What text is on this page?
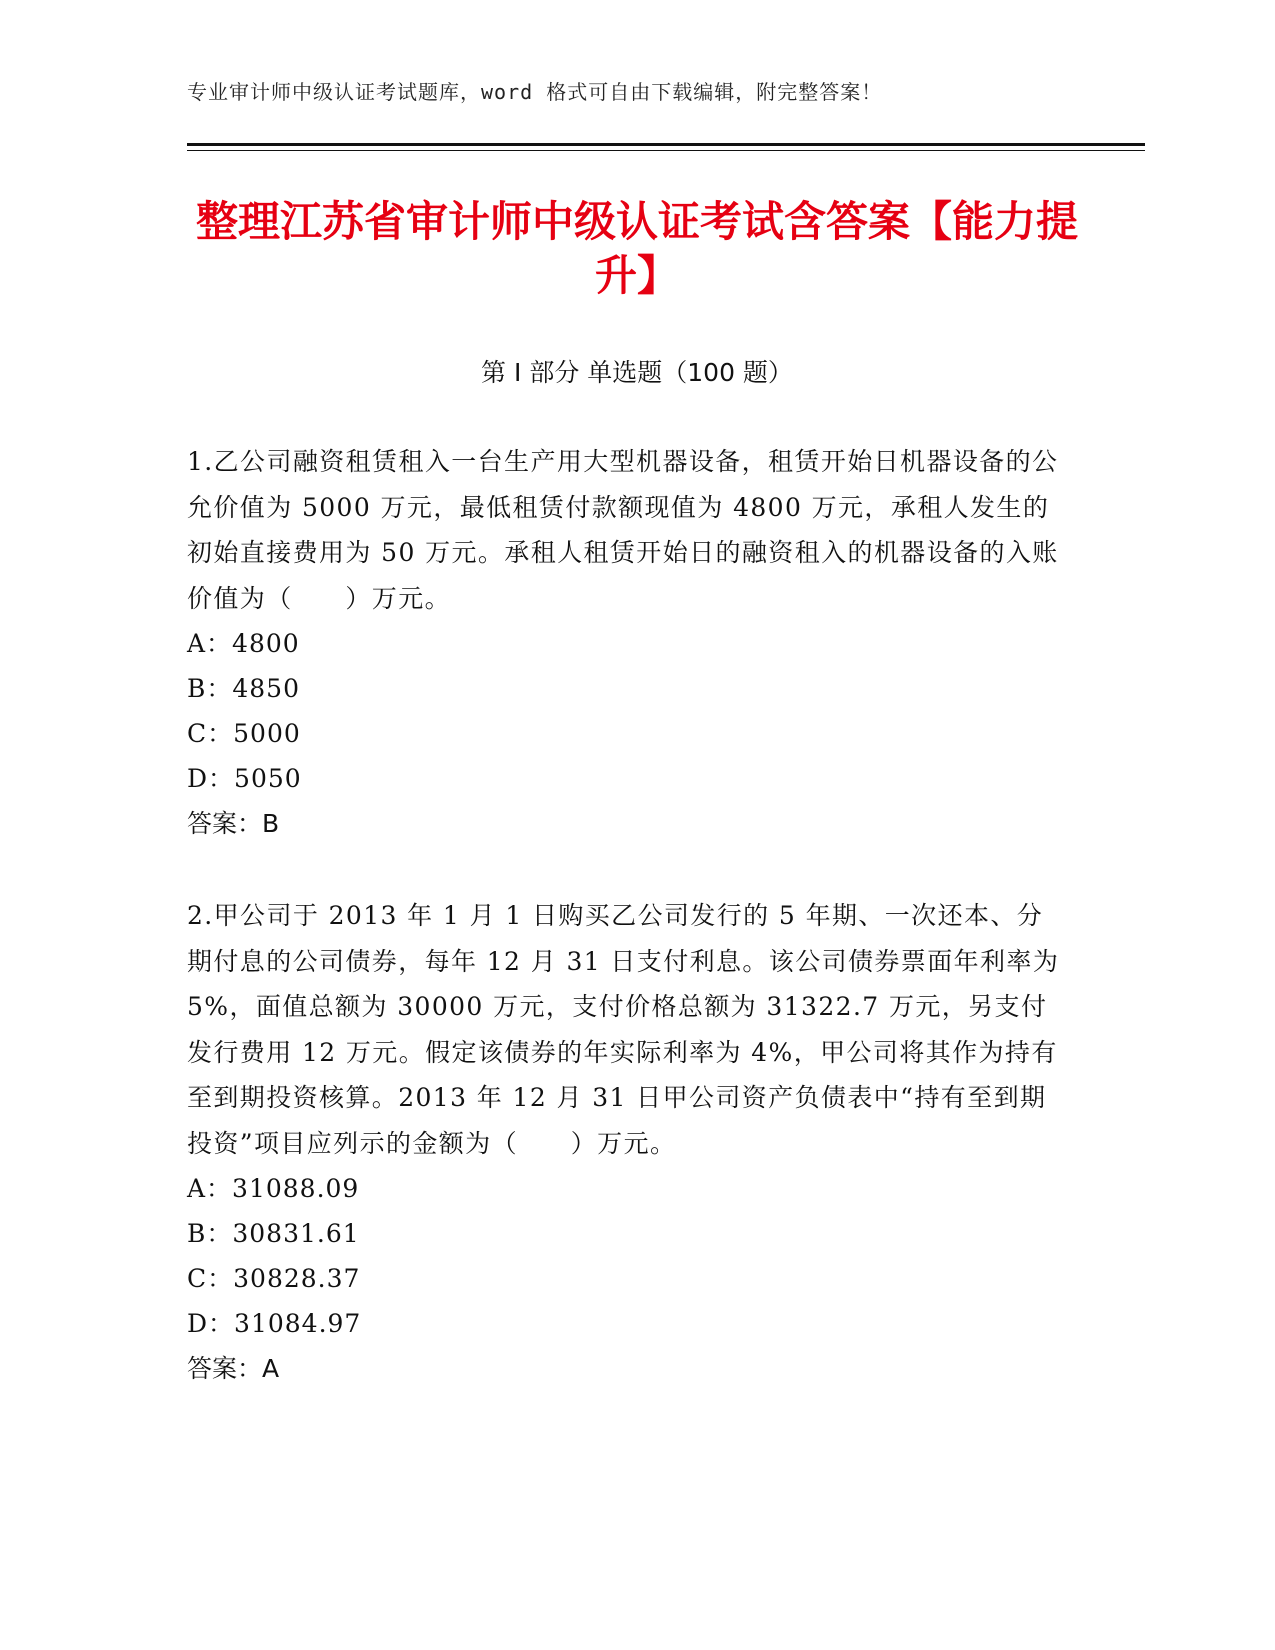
专业审计师中级认证考试题库，word 格式可自由下载编辑，附完整答案！
整理江苏省审计师中级认证考试含答案【能力提升】
第 I 部分 单选题（100 题）

1.乙公司融资租赁租入一台生产用大型机器设备，租赁开始日机器设备的公允价值为 5000 万元，最低租赁付款额现值为 4800 万元，承租人发生的初始直接费用为 50 万元。承租人租赁开始日的融资租入的机器设备的入账价值为（　　）万元。

A：4800

B：4850

C：5000

D：5050

答案：B

2.甲公司于 2013 年 1 月 1 日购买乙公司发行的 5 年期、一次还本、分期付息的公司债券，每年 12 月 31 日支付利息。该公司债券票面年利率为 5%，面值总额为 30000 万元，支付价格总额为 31322.7 万元，另支付发行费用 12 万元。假定该债券的年实际利率为 4%，甲公司将其作为持有至到期投资核算。2013 年 12 月 31 日甲公司资产负债表中“持有至到期投资”项目应列示的金额为（　　）万元。

A：31088.09

B：30831.61

C：30828.37

D：31084.97

答案：A
